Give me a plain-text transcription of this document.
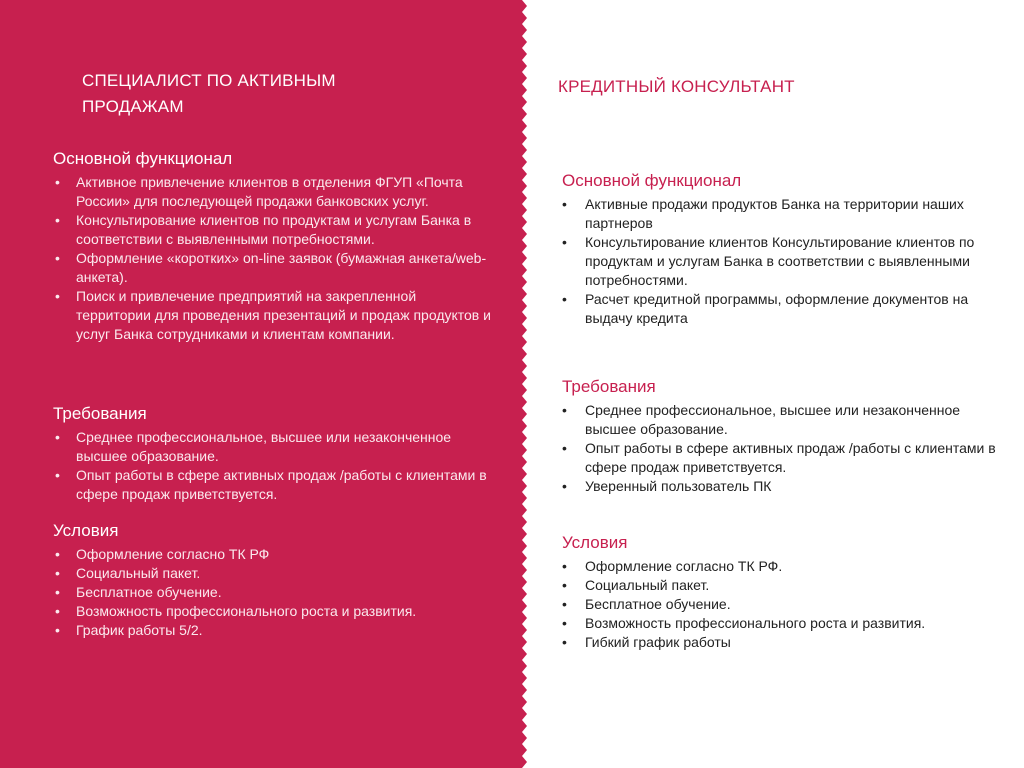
СПЕЦИАЛИСТ ПО АКТИВНЫМ
ПРОДАЖАМ
Основной функционал
• Активное привлечение клиентов в отделения ФГУП «Почта России» для последующей продажи банковских услуг.
• Консультирование клиентов по продуктам и услугам Банка в соответствии с выявленными потребностями.
• Оформление «коротких» on-line заявок (бумажная анкета/web-анкета).
• Поиск и привлечение предприятий на закрепленной территории для проведения презентаций и продаж продуктов и услуг Банка сотрудниками и клиентам компании.
Требования
• Среднее профессиональное, высшее или незаконченное высшее образование.
• Опыт работы в сфере активных продаж /работы с клиентами в сфере продаж приветствуется.
Условия
• Оформление согласно ТК РФ
• Социальный пакет.
• Бесплатное обучение.
• Возможность профессионального роста и развития.
• График работы 5/2.
КРЕДИТНЫЙ КОНСУЛЬТАНТ
Основной функционал
• Активные продажи продуктов Банка на территории наших партнеров
• Консультирование клиентов Консультирование клиентов по продуктам и услугам Банка в соответствии с выявленными потребностями.
• Расчет кредитной программы, оформление документов на выдачу кредита
Требования
• Среднее профессиональное, высшее или незаконченное высшее образование.
• Опыт работы в сфере активных продаж /работы с клиентами в сфере продаж приветствуется.
• Уверенный пользователь ПК
Условия
• Оформление согласно ТК РФ.
• Социальный пакет.
• Бесплатное обучение.
• Возможность профессионального роста и развития.
• Гибкий график работы
